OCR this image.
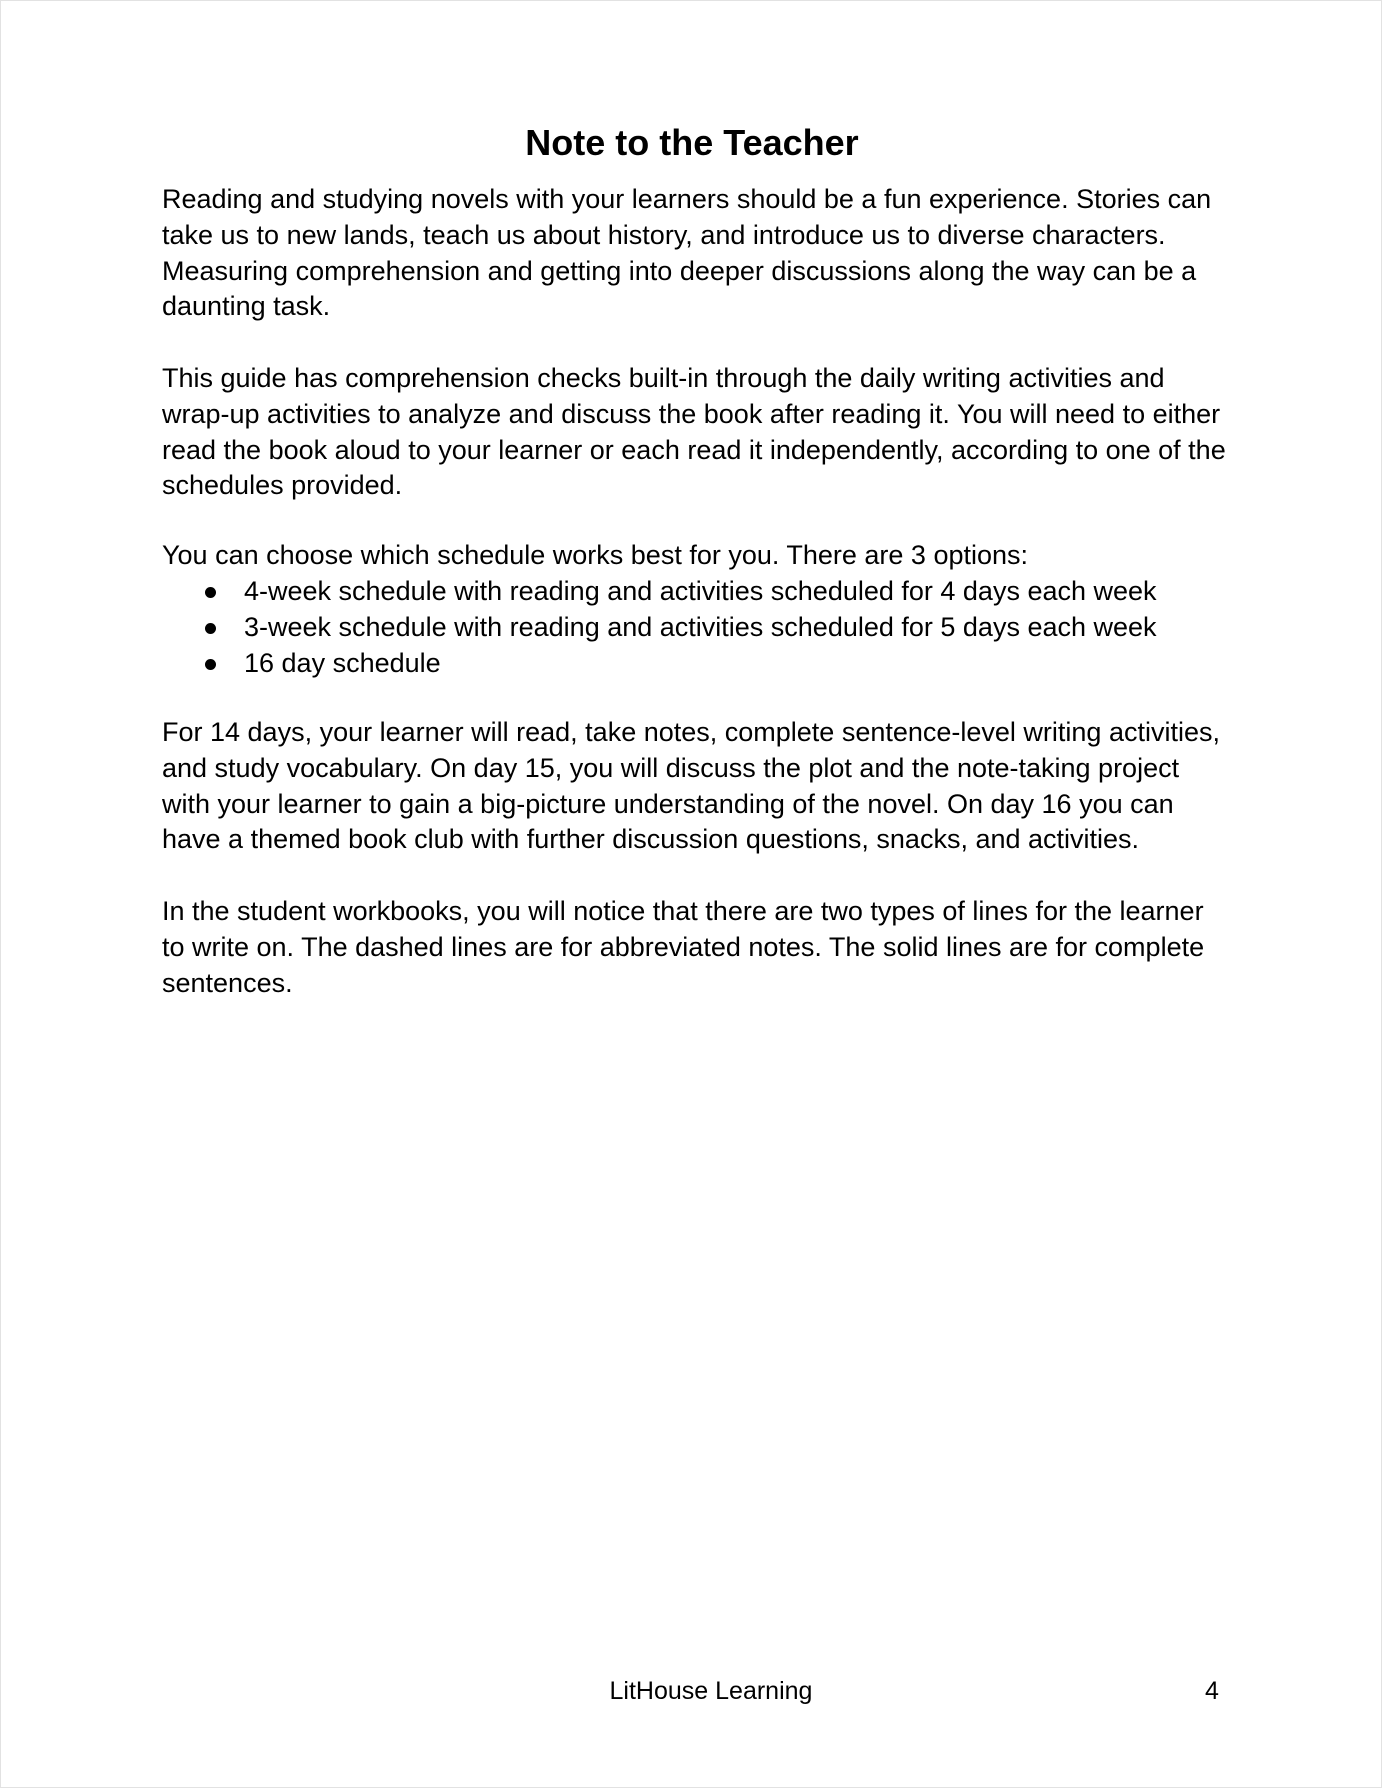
Note to the Teacher

Reading and studying novels with your learners should be a fun experience. Stories can take us to new lands, teach us about history, and introduce us to diverse characters. Measuring comprehension and getting into deeper discussions along the way can be a daunting task.

This guide has comprehension checks built-in through the daily writing activities and wrap-up activities to analyze and discuss the book after reading it. You will need to either read the book aloud to your learner or each read it independently, according to one of the schedules provided.

You can choose which schedule works best for you. There are 3 options:

4-week schedule with reading and activities scheduled for 4 days each week
3-week schedule with reading and activities scheduled for 5 days each week
16 day schedule

For 14 days, your learner will read, take notes, complete sentence-level writing activities, and study vocabulary. On day 15, you will discuss the plot and the note-taking project with your learner to gain a big-picture understanding of the novel. On day 16 you can have a themed book club with further discussion questions, snacks, and activities.

In the student workbooks, you will notice that there are two types of lines for the learner to write on. The dashed lines are for abbreviated notes. The solid lines are for complete sentences.

LitHouse Learning	4
